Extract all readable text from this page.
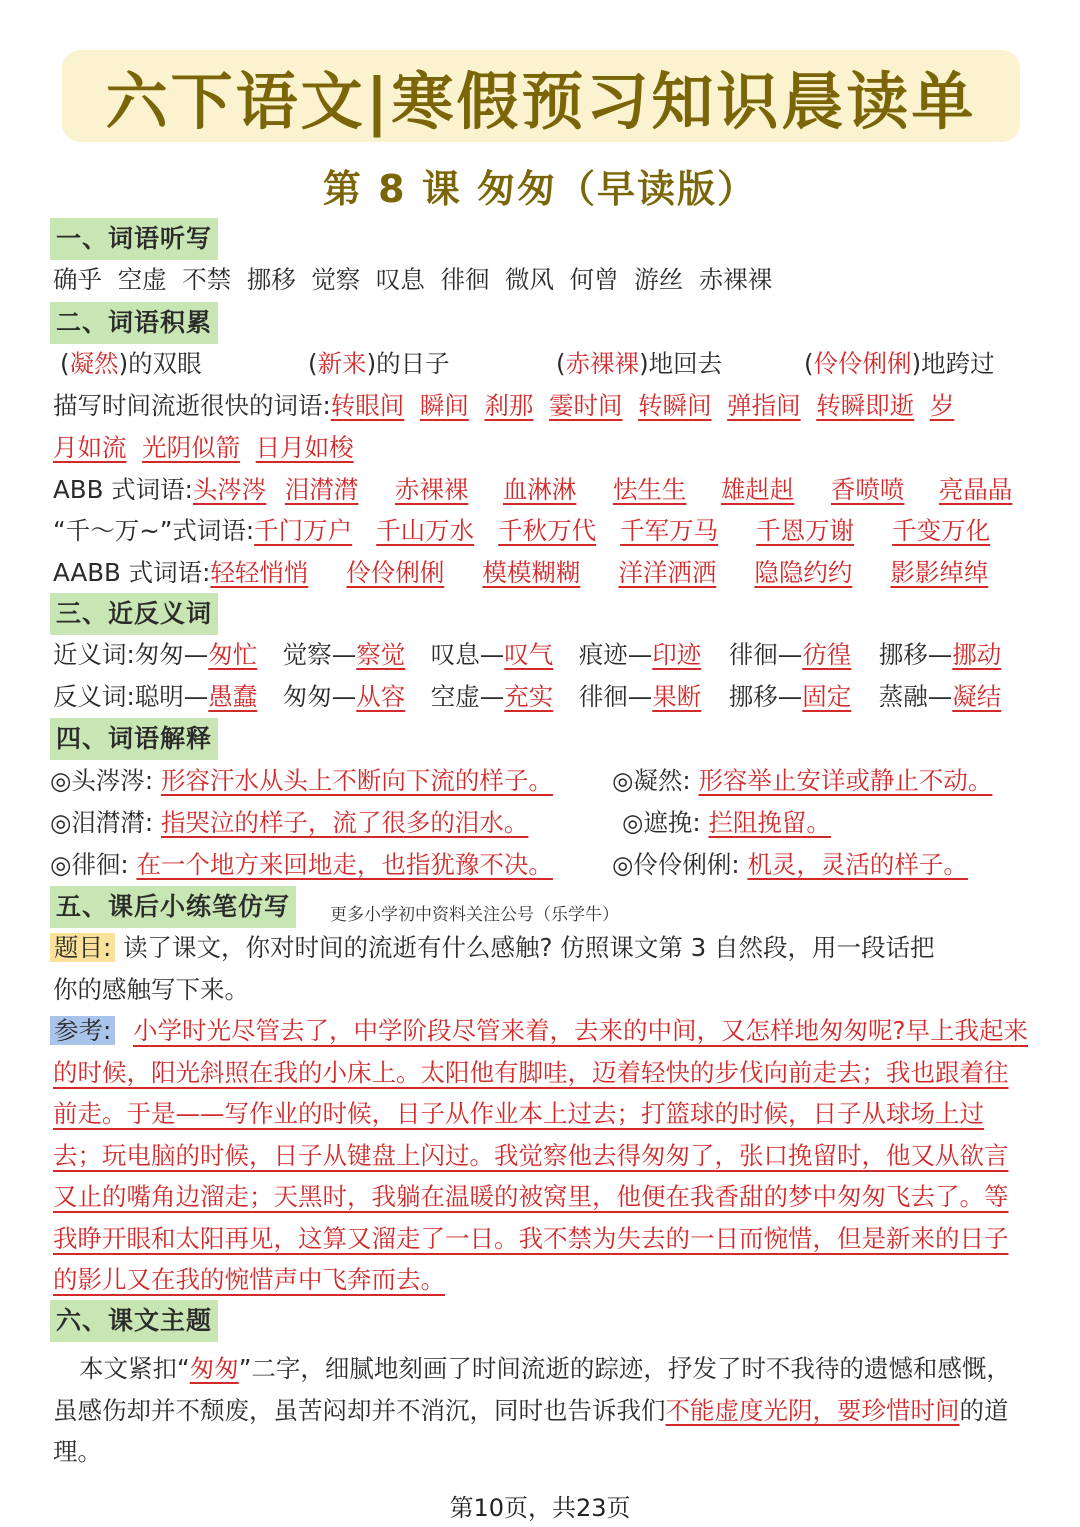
六下语文|寒假预习知识晨读单
第 8 课 匆匆（早读版）
一、词语听写
确乎 空虚 不禁 挪移 觉察 叹息 徘徊 微风 何曾 游丝 赤裸裸
二、词语积累
(凝然)的双眼	(新来)的日子	(赤裸裸)地回去	(伶伶俐俐)地跨过
描写时间流逝很快的词语:转眼间 瞬间 刹那 霎时间 转瞬间 弹指间 转瞬即逝 岁
月如流 光阴似箭 日月如梭
ABB 式词语:头涔涔 泪潸潸 赤裸裸 血淋淋 怯生生 雄赳赳 香喷喷 亮晶晶
“千～万~”式词语:千门万户 千山万水 千秋万代 千军万马 千恩万谢 千变万化
AABB 式词语:轻轻悄悄 伶伶俐俐 模模糊糊 洋洋洒洒 隐隐约约 影影绰绰
三、近反义词
近义词:匆匆—匆忙 觉察—察觉 叹息—叹气 痕迹—印迹 徘徊—彷徨 挪移—挪动
反义词:聪明—愚蠢 匆匆—从容 空虚—充实 徘徊—果断 挪移—固定 蒸融—凝结
四、词语解释
◎头涔涔: 形容汗水从头上不断向下流的样子。 ◎凝然: 形容举止安详或静止不动。
◎泪潸潸: 指哭泣的样子，流了很多的泪水。	◎遮挽: 拦阻挽留。
◎徘徊: 在一个地方来回地走，也指犹豫不决。 ◎伶伶俐俐: 机灵，灵活的样子。
五、课后小练笔仿写	更多小学初中资料关注公号（乐学牛）
题目: 读了课文，你对时间的流逝有什么感触? 仿照课文第 3 自然段，用一段话把
你的感触写下来。
参考: 小学时光尽管去了，中学阶段尽管来着，去来的中间，又怎样地匆匆呢?早上我起来的时候，阳光斜照在我的小床上。太阳他有脚哇，迈着轻快的步伐向前走去；我也跟着往前走。于是——写作业的时候，日子从作业本上过去；打篮球的时候，日子从球场上过去；玩电脑的时候，日子从键盘上闪过。我觉察他去得匆匆了，张口挽留时，他又从欲言又止的嘴角边溜走；天黑时，我躺在温暖的被窝里，他便在我香甜的梦中匆匆飞去了。等我睁开眼和太阳再见，这算又溜走了一日。我不禁为失去的一日而惋惜，但是新来的日子的影儿又在我的惋惜声中飞奔而去。
六、课文主题
本文紧扣“匆匆”二字，细腻地刻画了时间流逝的踪迹，抒发了时不我待的遗憾和感慨，虽感伤却并不颓废，虽苦闷却并不消沉，同时也告诉我们不能虚度光阴，要珍惜时间的道理。
第10页，共23页
